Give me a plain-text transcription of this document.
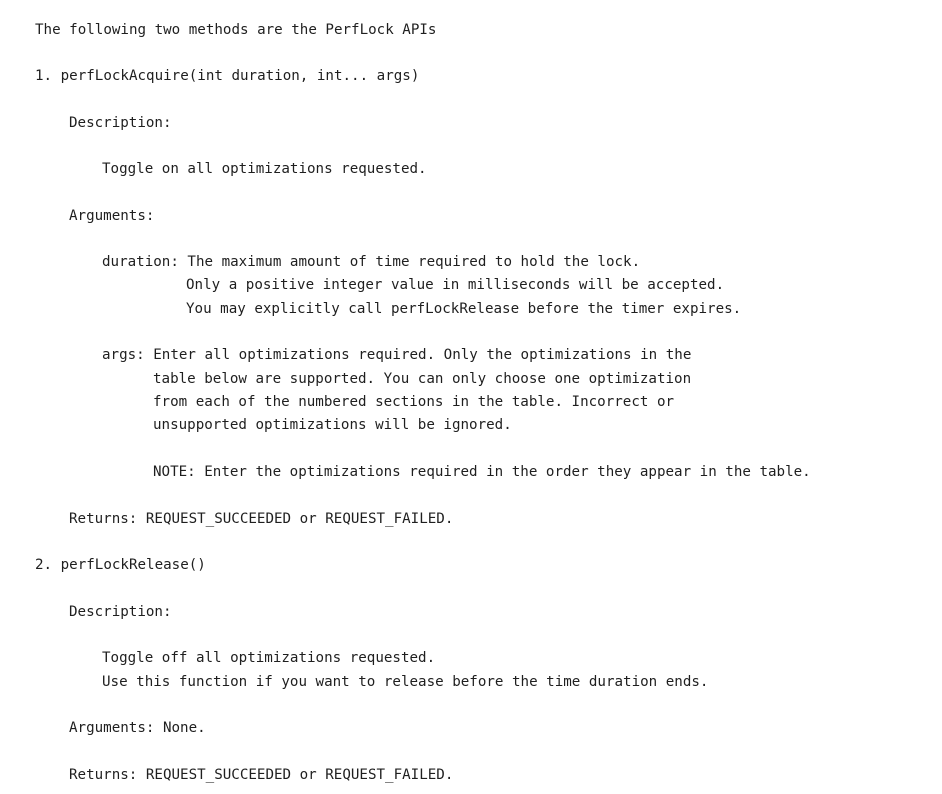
The following two methods are the PerfLock APIs
1. perfLockAcquire(int duration, int... args)
Description:
Toggle on all optimizations requested.
Arguments:
duration: The maximum amount of time required to hold the lock.
Only a positive integer value in milliseconds will be accepted.
You may explicitly call perfLockRelease before the timer expires.
args: Enter all optimizations required. Only the optimizations in the
table below are supported. You can only choose one optimization
from each of the numbered sections in the table. Incorrect or
unsupported optimizations will be ignored.
NOTE: Enter the optimizations required in the order they appear in the table.
Returns: REQUEST_SUCCEEDED or REQUEST_FAILED.
2. perfLockRelease()
Description:
Toggle off all optimizations requested.
Use this function if you want to release before the time duration ends.
Arguments: None.
Returns: REQUEST_SUCCEEDED or REQUEST_FAILED.
